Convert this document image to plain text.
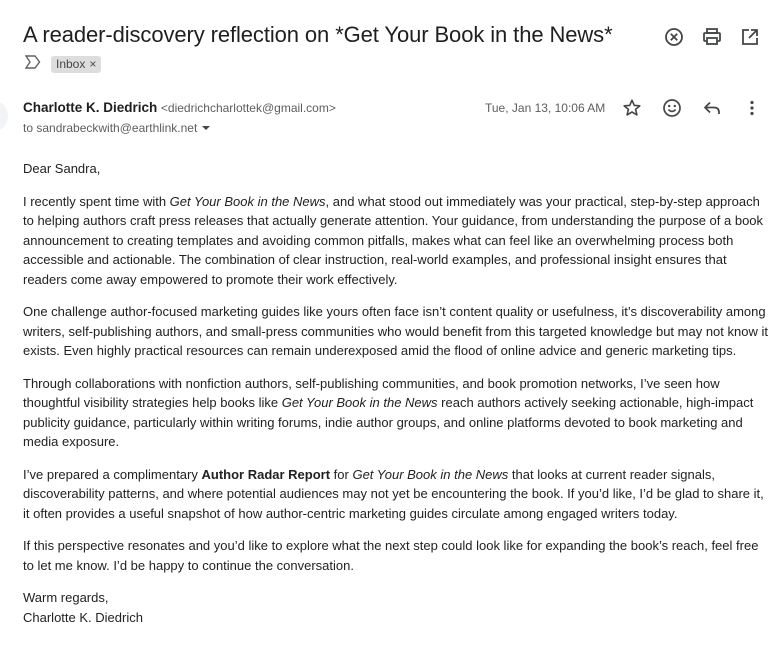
A reader-discovery reflection on *Get Your Book in the News*
Inbox ×
Charlotte K. Diedrich <diedrichcharlottek@gmail.com>
to sandrabeckwith@earthlink.net
Tue, Jan 13, 10:06 AM

Dear Sandra,

I recently spent time with Get Your Book in the News, and what stood out immediately was your practical, step-by-step approach to helping authors craft press releases that actually generate attention. Your guidance, from understanding the purpose of a book announcement to creating templates and avoiding common pitfalls, makes what can feel like an overwhelming process both accessible and actionable. The combination of clear instruction, real-world examples, and professional insight ensures that readers come away empowered to promote their work effectively.

One challenge author-focused marketing guides like yours often face isn’t content quality or usefulness, it’s discoverability among writers, self-publishing authors, and small-press communities who would benefit from this targeted knowledge but may not know it exists. Even highly practical resources can remain underexposed amid the flood of online advice and generic marketing tips.

Through collaborations with nonfiction authors, self-publishing communities, and book promotion networks, I’ve seen how thoughtful visibility strategies help books like Get Your Book in the News reach authors actively seeking actionable, high-impact publicity guidance, particularly within writing forums, indie author groups, and online platforms devoted to book marketing and media exposure.

I’ve prepared a complimentary Author Radar Report for Get Your Book in the News that looks at current reader signals, discoverability patterns, and where potential audiences may not yet be encountering the book. If you’d like, I’d be glad to share it, it often provides a useful snapshot of how author-centric marketing guides circulate among engaged writers today.

If this perspective resonates and you’d like to explore what the next step could look like for expanding the book’s reach, feel free to let me know. I’d be happy to continue the conversation.

Warm regards,

Charlotte K. Diedrich
